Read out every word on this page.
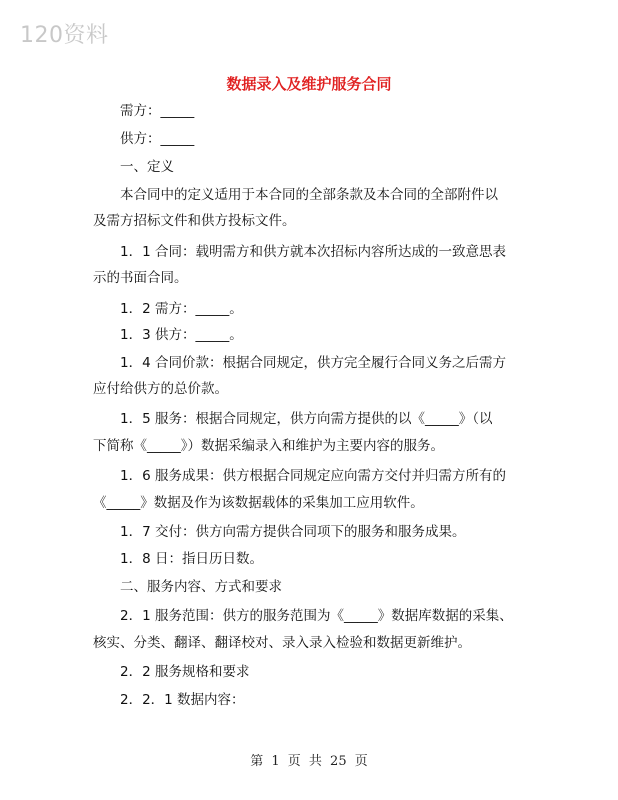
120资料
数据录入及维护服务合同
需方：_____
供方：_____
一、定义
本合同中的定义适用于本合同的全部条款及本合同的全部附件以
及需方招标文件和供方投标文件。
1．1 合同：载明需方和供方就本次招标内容所达成的一致意思表
示的书面合同。
1．2 需方：_____。
1．3 供方：_____。
1．4 合同价款：根据合同规定，供方完全履行合同义务之后需方
应付给供方的总价款。
1．5 服务：根据合同规定，供方向需方提供的以《_____》（以
下简称《_____》）数据采编录入和维护为主要内容的服务。
1．6 服务成果：供方根据合同规定应向需方交付并归需方所有的
《_____》数据及作为该数据载体的采集加工应用软件。
1．7 交付：供方向需方提供合同项下的服务和服务成果。
1．8 日：指日历日数。
二、服务内容、方式和要求
2．1 服务范围：供方的服务范围为《_____》数据库数据的采集、
核实、分类、翻译、翻译校对、录入录入检验和数据更新维护。
2．2 服务规格和要求
2．2．1 数据内容：
第 1 页 共 25 页
